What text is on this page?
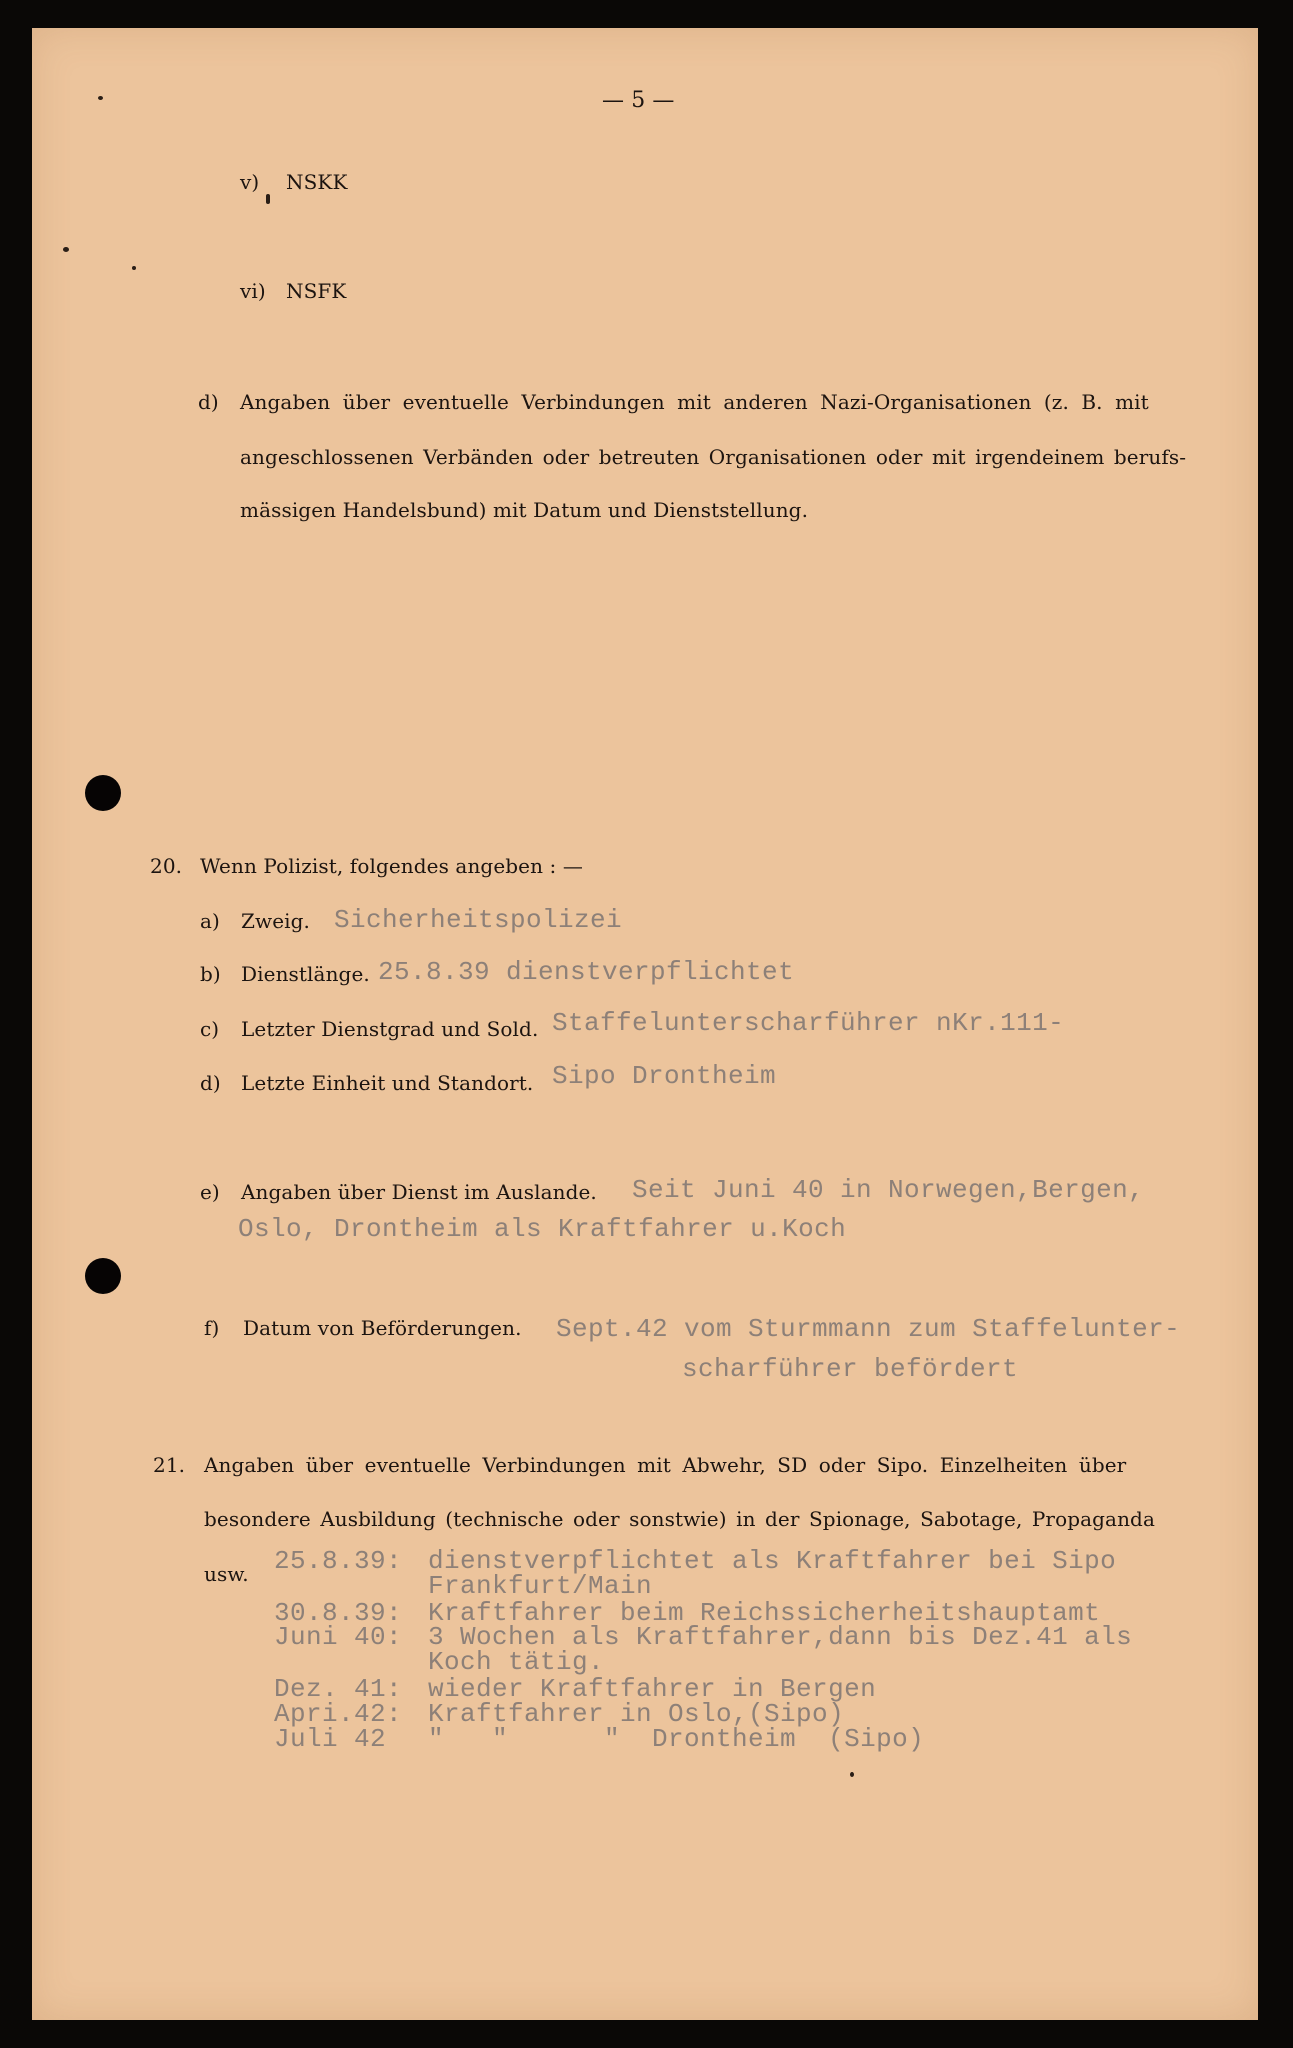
— 5 —
v) NSKK
vi) NSFK
d) Angaben über eventuelle Verbindungen mit anderen Nazi-Organisationen (z. B. mit
angeschlossenen Verbänden oder betreuten Organisationen oder mit irgendeinem berufs-
mässigen Handelsbund) mit Datum und Dienststellung.
20. Wenn Polizist, folgendes angeben : —
a) Zweig. Sicherheitspolizei
b) Dienstlänge. 25.8.39 dienstverpflichtet
c) Letzter Dienstgrad und Sold. Staffelunterscharführer nKr.111-
d) Letzte Einheit und Standort. Sipo Drontheim
e) Angaben über Dienst im Auslande. Seit Juni 40 in Norwegen,Bergen,
Oslo, Drontheim als Kraftfahrer u.Koch
f) Datum von Beförderungen. Sept.42 vom Sturmmann zum Staffelunter-
scharführer befördert
21. Angaben über eventuelle Verbindungen mit Abwehr, SD oder Sipo. Einzelheiten über
besondere Ausbildung (technische oder sonstwie) in der Spionage, Sabotage, Propaganda
usw. 25.8.39: dienstverpflichtet als Kraftfahrer bei Sipo
Frankfurt/Main
30.8.39: Kraftfahrer beim Reichssicherheitshauptamt
Juni 40: 3 Wochen als Kraftfahrer,dann bis Dez.41 als
Koch tätig.
Dez. 41: wieder Kraftfahrer in Bergen
Apri.42: Kraftfahrer in Oslo,(Sipo)
Juli 42 "   "      "  Drontheim  (Sipo)
